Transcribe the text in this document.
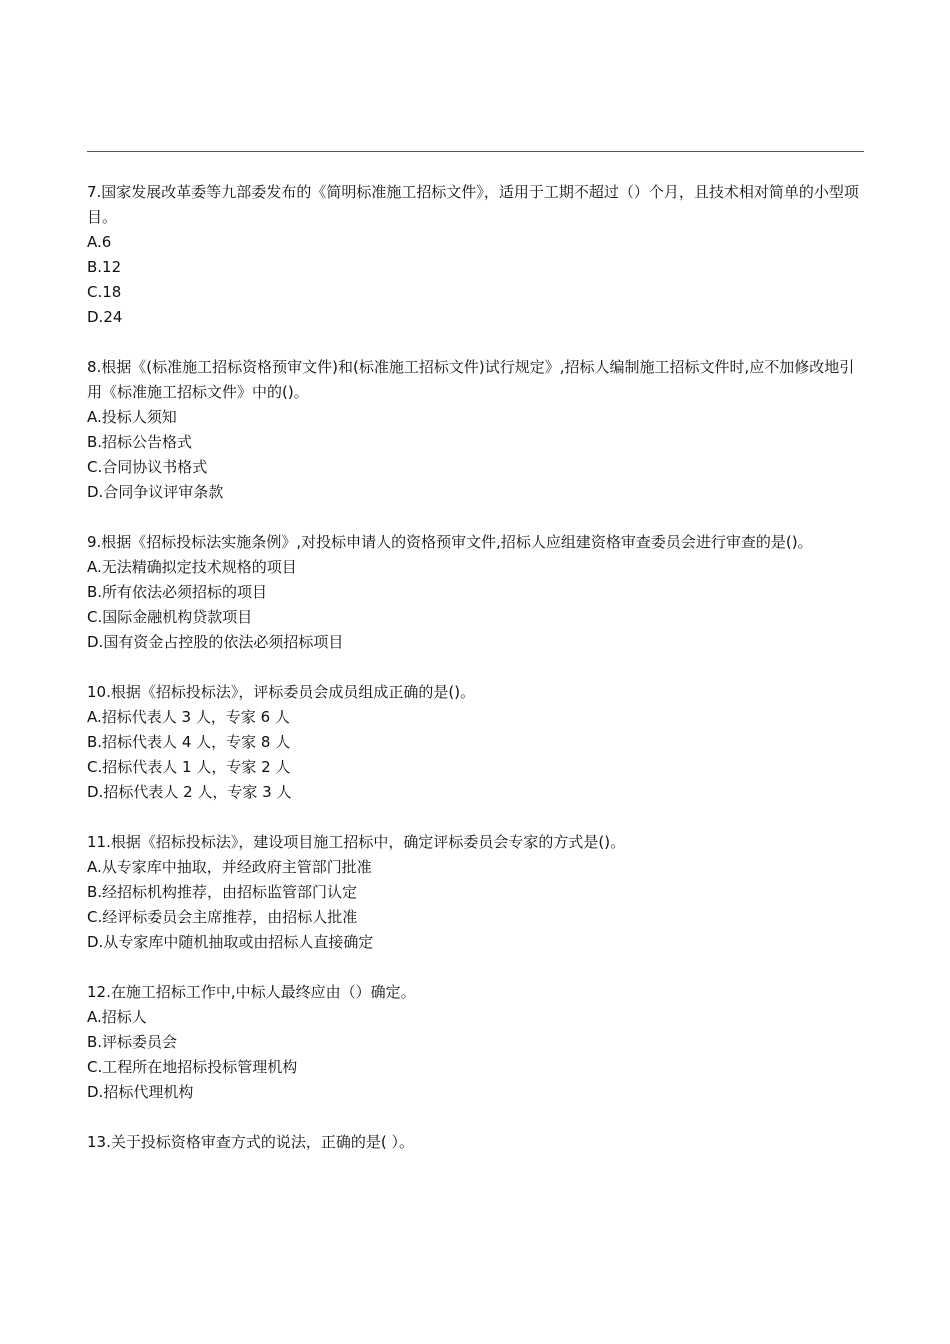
7.国家发展改革委等九部委发布的《简明标准施工招标文件》，适用于工期不超过（）个月，且技术相对简单的小型项目。

A.6

B.12

C.18

D.24

8.根据《(标准施工招标资格预审文件)和(标准施工招标文件)试行规定》,招标人编制施工招标文件时,应不加修改地引用《标准施工招标文件》中的()。

A.投标人须知

B.招标公告格式

C.合同协议书格式

D.合同争议评审条款

9.根据《招标投标法实施条例》,对投标申请人的资格预审文件,招标人应组建资格审查委员会进行审查的是()。

A.无法精确拟定技术规格的项目

B.所有依法必须招标的项目

C.国际金融机构贷款项目

D.国有资金占控股的依法必须招标项目

10.根据《招标投标法》，评标委员会成员组成正确的是()。

A.招标代表人 3 人，专家 6 人

B.招标代表人 4 人，专家 8 人

C.招标代表人 1 人，专家 2 人

D.招标代表人 2 人，专家 3 人

11.根据《招标投标法》，建设项目施工招标中，确定评标委员会专家的方式是()。

A.从专家库中抽取，并经政府主管部门批准

B.经招标机构推荐，由招标监管部门认定

C.经评标委员会主席推荐，由招标人批准

D.从专家库中随机抽取或由招标人直接确定

12.在施工招标工作中,中标人最终应由（）确定。

A.招标人

B.评标委员会

C.工程所在地招标投标管理机构

D.招标代理机构

13.关于投标资格审查方式的说法，正确的是( ）。
